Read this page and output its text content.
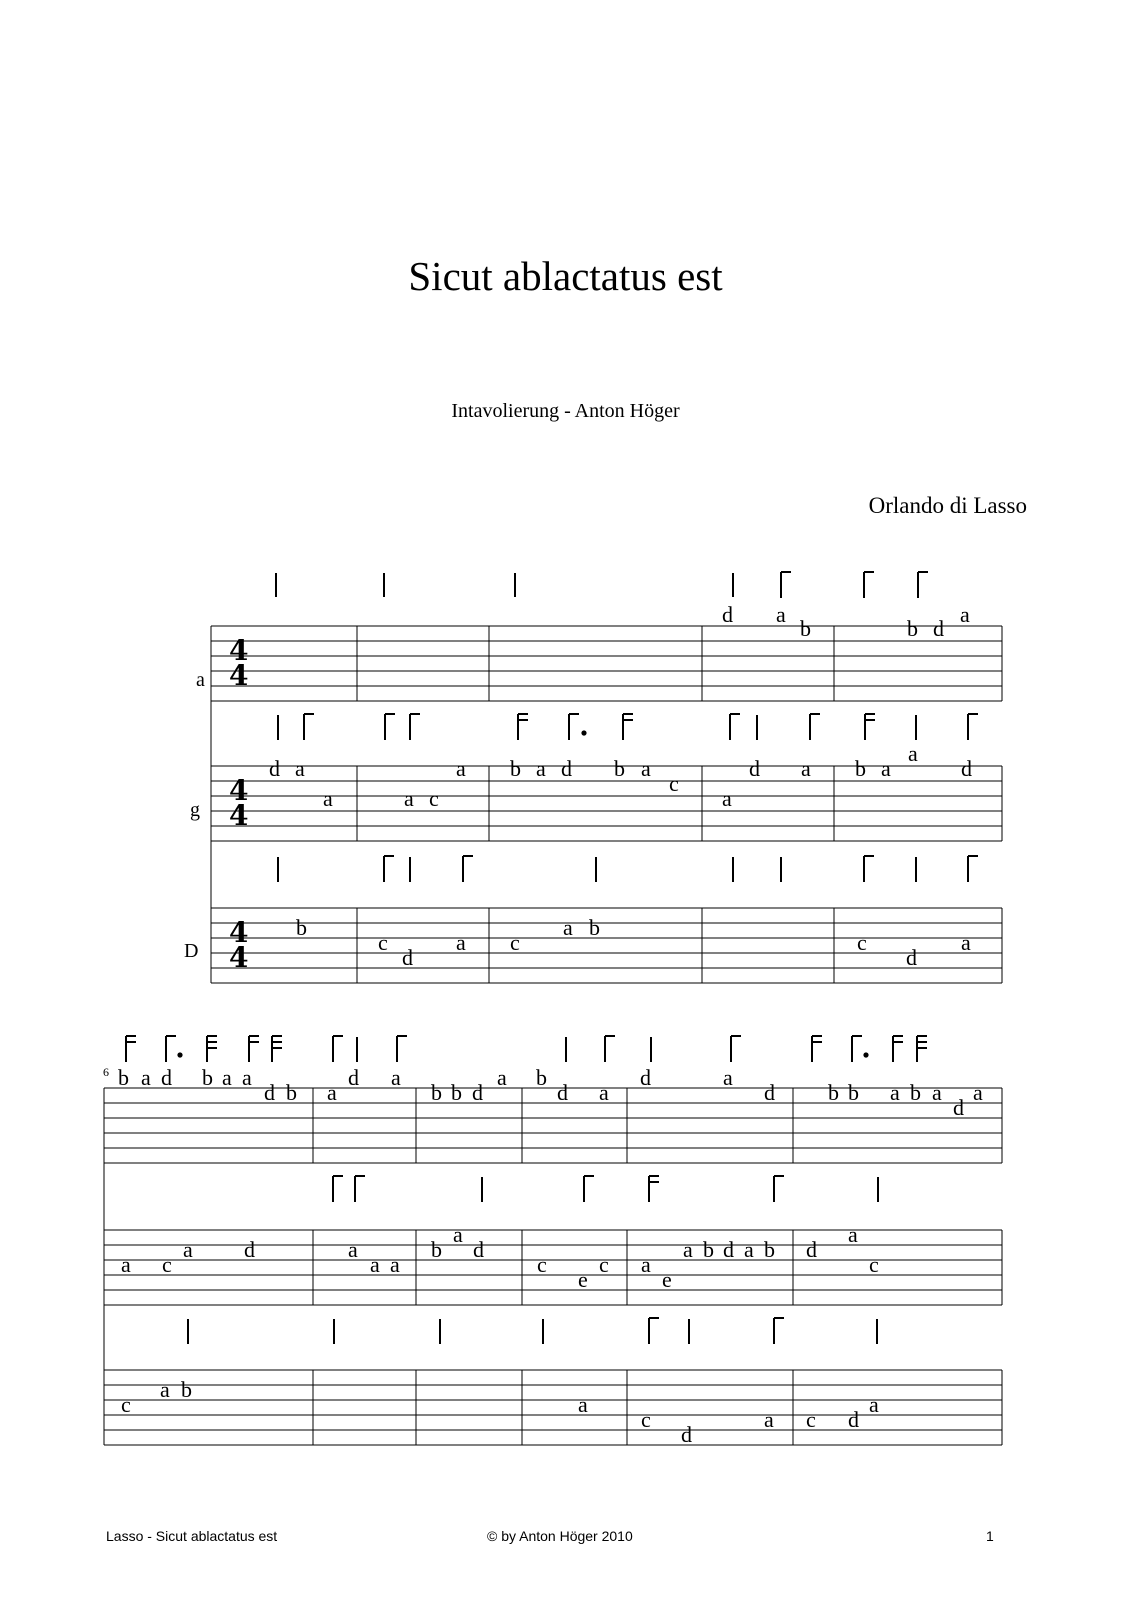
Sicut ablactatus est
Intavolierung - Anton Höger
Orlando di Lasso
a
4
4
d a
b	b d
a
g
4
4
d a
a	a c
a b a d b a
c
a
d a b a
a
d
D
4
4
b
c
d
a c
a b
c
d
a
6 b a d b a a
d b a
d a
b b d
a b
d a
d	a
d b b a b a
d
a
a c
a d	a
a a
b
a
d
c
e
c a
e
a b d a b d
a
c
c
a b
a
c
d
a c d
a
Lasso - Sicut ablactatus est	© by Anton Höger 2010	1
